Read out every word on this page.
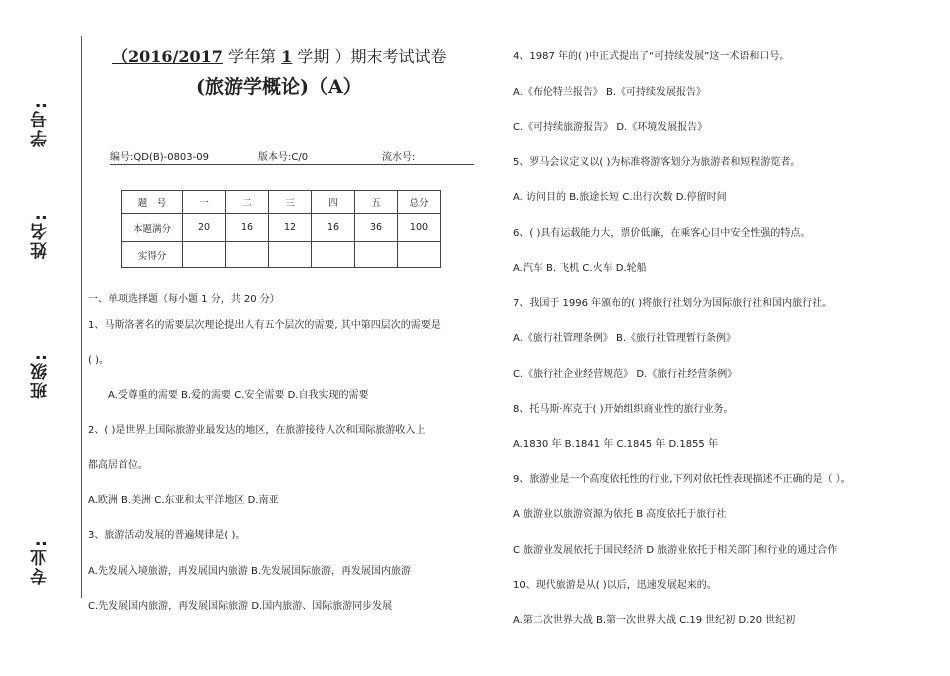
学号:
姓名:
班级:
专业:
（2016/2017 学年第 1 学期 ）期末考试试卷
(旅游学概论)（A）
编号:QD(B)-0803-09	版本号:C/0	流水号:
题　号	一	二	三	四	五	总分
本题满分	20	16	12	16	36	100
实得分						
一、单项选择题（每小题 1 分，共 20 分）
1、马斯洛著名的需要层次理论提出人有五个层次的需要, 其中第四层次的需要是
( )。
A.受尊重的需要 B.爱的需要 C.安全需要 D.自我实现的需要
2、( )是世界上国际旅游业最发达的地区，在旅游接待人次和国际旅游收入上
都高居首位。
A.欧洲 B.美洲 C.东亚和太平洋地区 D.南亚
3、旅游活动发展的普遍规律是( )。
A.先发展入境旅游，再发展国内旅游 B.先发展国际旅游，再发展国内旅游
C.先发展国内旅游，再发展国际旅游 D.国内旅游、国际旅游同步发展
4、1987 年的( )中正式提出了“可持续发展”这一术语和口号。
A.《布伦特兰报告》 B.《可持续发展报告》
C.《可持续旅游报告》 D.《环境发展报告》
5、罗马会议定义以( )为标准将游客划分为旅游者和短程游览者。
A. 访问目的 B.旅途长短 C.出行次数 D.停留时间
6、( )具有运载能力大，票价低廉，在乘客心目中安全性强的特点。
A.汽车 B. 飞机 C.火车 D.轮船
7、我国于 1996 年颁布的( )将旅行社划分为国际旅行社和国内旅行社。
A.《旅行社管理条例》 B.《旅行社管理暂行条例》
C.《旅行社企业经营规范》 D.《旅行社经营条例》
8、托马斯·库克于( )开始组织商业性的旅行业务。
A.1830 年 B.1841 年 C.1845 年 D.1855 年
9、旅游业是一个高度依托性的行业,下列对依托性表现描述不正确的是（ ）。
A 旅游业以旅游资源为依托 B 高度依托于旅行社
C 旅游业发展依托于国民经济 D 旅游业依托于相关部门和行业的通过合作
10、现代旅游是从( )以后，迅速发展起来的。
A.第二次世界大战 B.第一次世界大战 C.19 世纪初 D.20 世纪初
